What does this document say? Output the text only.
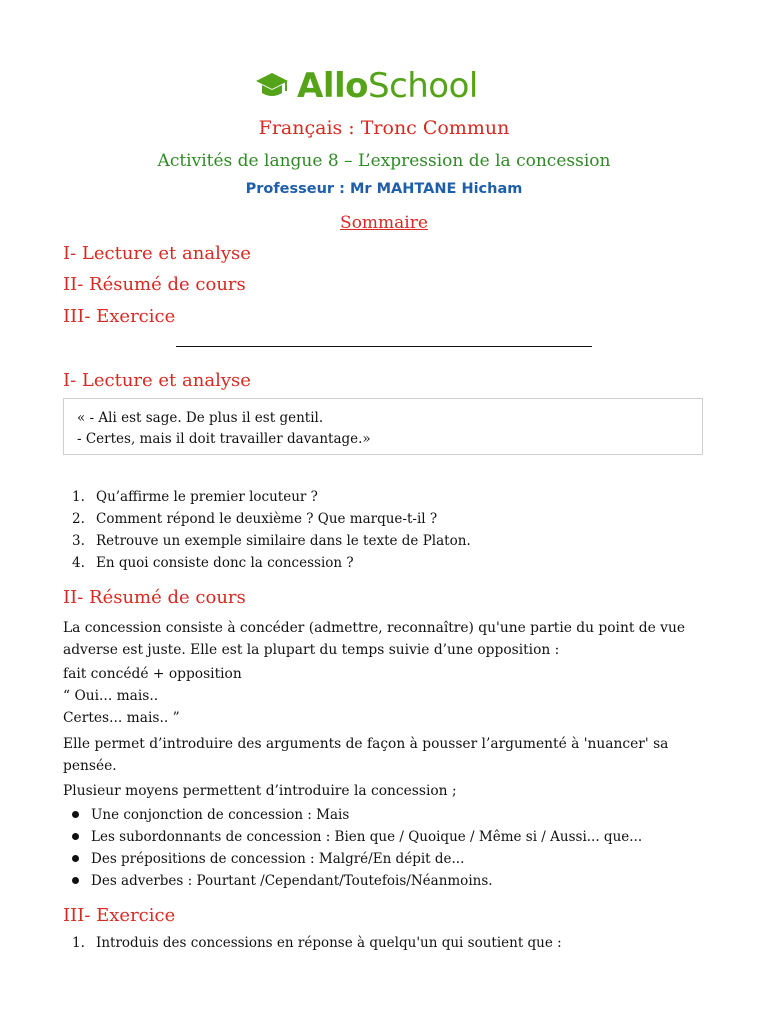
AlloSchool
Français : Tronc Commun
Activités de langue 8 – L’expression de la concession
Professeur : Mr MAHTANE Hicham
Sommaire
I- Lecture et analyse
II- Résumé de cours
III- Exercice
I- Lecture et analyse
« - Ali est sage. De plus il est gentil.
- Certes, mais il doit travailler davantage.»
1. Qu’affirme le premier locuteur ?
2. Comment répond le deuxième ? Que marque-t-il ?
3. Retrouve un exemple similaire dans le texte de Platon.
4. En quoi consiste donc la concession ?
II- Résumé de cours
La concession consiste à concéder (admettre, reconnaître) qu'une partie du point de vue adverse est juste. Elle est la plupart du temps suivie d’une opposition :
fait concédé + opposition
“ Oui... mais..
Certes... mais.. ”
Elle permet d’introduire des arguments de façon à pousser l’argumenté à 'nuancer' sa pensée.
Plusieur moyens permettent d’introduire la concession ;
Une conjonction de concession : Mais
Les subordonnants de concession : Bien que / Quoique / Même si / Aussi... que...
Des prépositions de concession : Malgré/En dépit de...
Des adverbes : Pourtant /Cependant/Toutefois/Néanmoins.
III- Exercice
1. Introduis des concessions en réponse à quelqu'un qui soutient que :
